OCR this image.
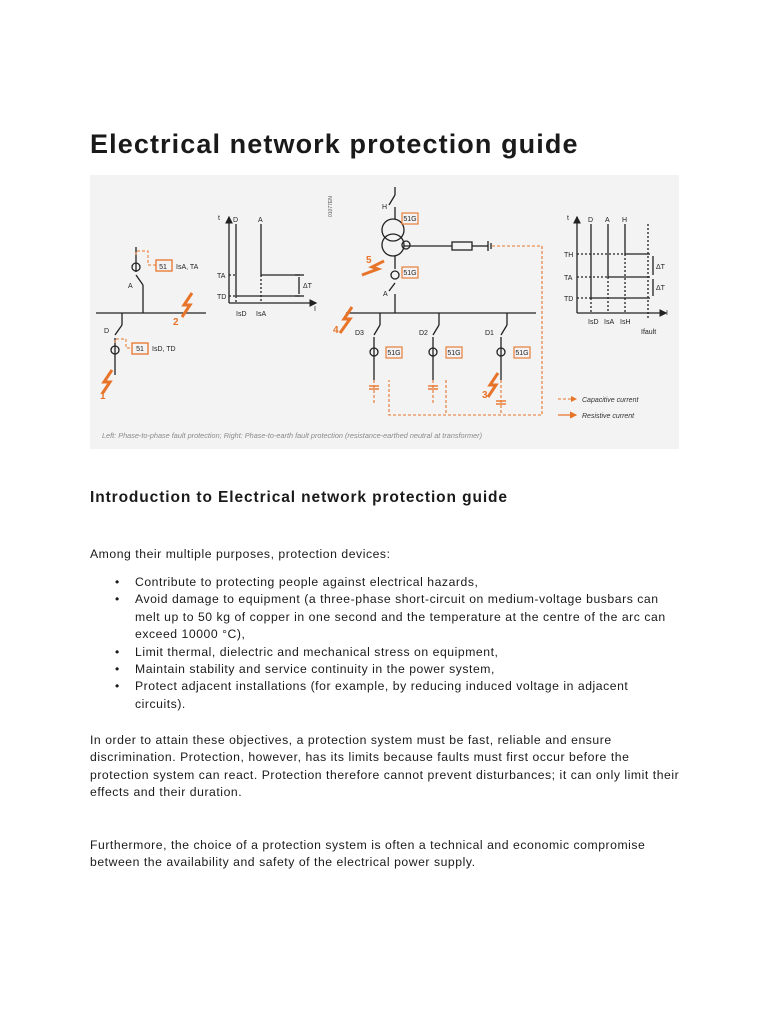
Electrical network protection guide
51 IsA, TA
A
51 IsD, TD
D
1
2
t D	A
TA
TD
IsD IsA
I
ΔT
51G
51G
51G	51G	51G
H
A
D3	D2	D1
01077EN
5
4
3	Capacitive current
Resistive current
t	D A H
TH
TA
TD
IsD IsA IsH
I
Ifault
ΔT
ΔT
Left: Phase-to-phase fault protection; Right: Phase-to-earth fault protection (resistance-earthed neutral at transformer)
Introduction to Electrical network protection guide

Among their multiple purposes, protection devices:

• Contribute to protecting people against electrical hazards,
• Avoid damage to equipment (a three-phase short-circuit on medium-voltage busbars can melt up to 50 kg of copper in one second and the temperature at the centre of the arc can exceed 10000 °C),
• Limit thermal, dielectric and mechanical stress on equipment,
• Maintain stability and service continuity in the power system,
• Protect adjacent installations (for example, by reducing induced voltage in adjacent circuits).

In order to attain these objectives, a protection system must be fast, reliable and ensure discrimination. Protection, however, has its limits because faults must first occur before the protection system can react. Protection therefore cannot prevent disturbances; it can only limit their effects and their duration.

Furthermore, the choice of a protection system is often a technical and economic compromise between the availability and safety of the electrical power supply.
